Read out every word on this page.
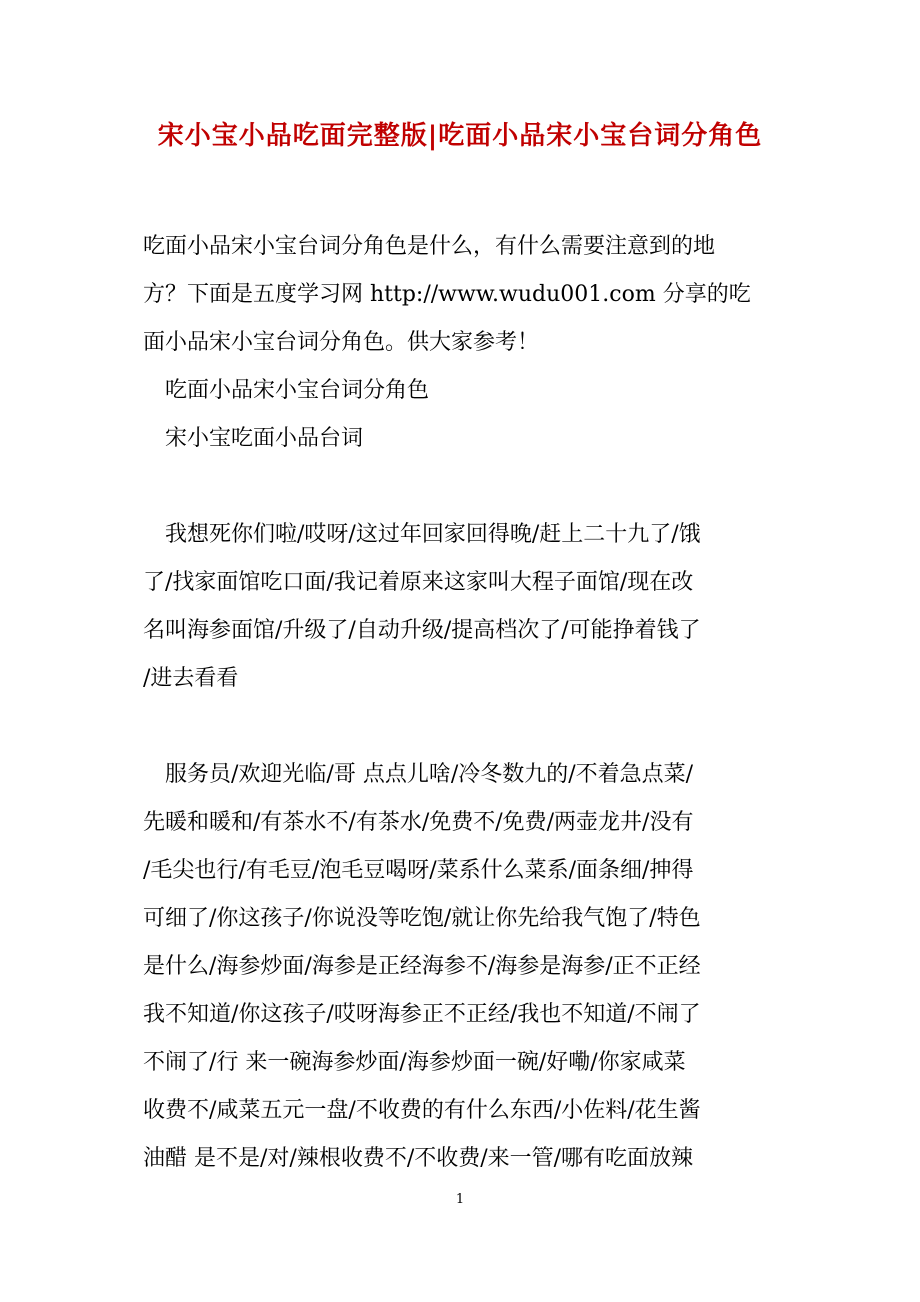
宋小宝小品吃面完整版|吃面小品宋小宝台词分角色
吃面小品宋小宝台词分角色是什么，有什么需要注意到的地
方？下面是五度学习网 http://www.wudu001.com 分享的吃
面小品宋小宝台词分角色。供大家参考！
吃面小品宋小宝台词分角色
宋小宝吃面小品台词
我想死你们啦/哎呀/这过年回家回得晚/赶上二十九了/饿
了/找家面馆吃口面/我记着原来这家叫大程子面馆/现在改
名叫海参面馆/升级了/自动升级/提高档次了/可能挣着钱了
/进去看看
服务员/欢迎光临/哥 点点儿啥/冷冬数九的/不着急点菜/
先暖和暖和/有茶水不/有茶水/免费不/免费/两壶龙井/没有
/毛尖也行/有毛豆/泡毛豆喝呀/菜系什么菜系/面条细/抻得
可细了/你这孩子/你说没等吃饱/就让你先给我气饱了/特色
是什么/海参炒面/海参是正经海参不/海参是海参/正不正经
我不知道/你这孩子/哎呀海参正不正经/我也不知道/不闹了
不闹了/行 来一碗海参炒面/海参炒面一碗/好嘞/你家咸菜
收费不/咸菜五元一盘/不收费的有什么东西/小佐料/花生酱
油醋 是不是/对/辣根收费不/不收费/来一管/哪有吃面放辣
1
